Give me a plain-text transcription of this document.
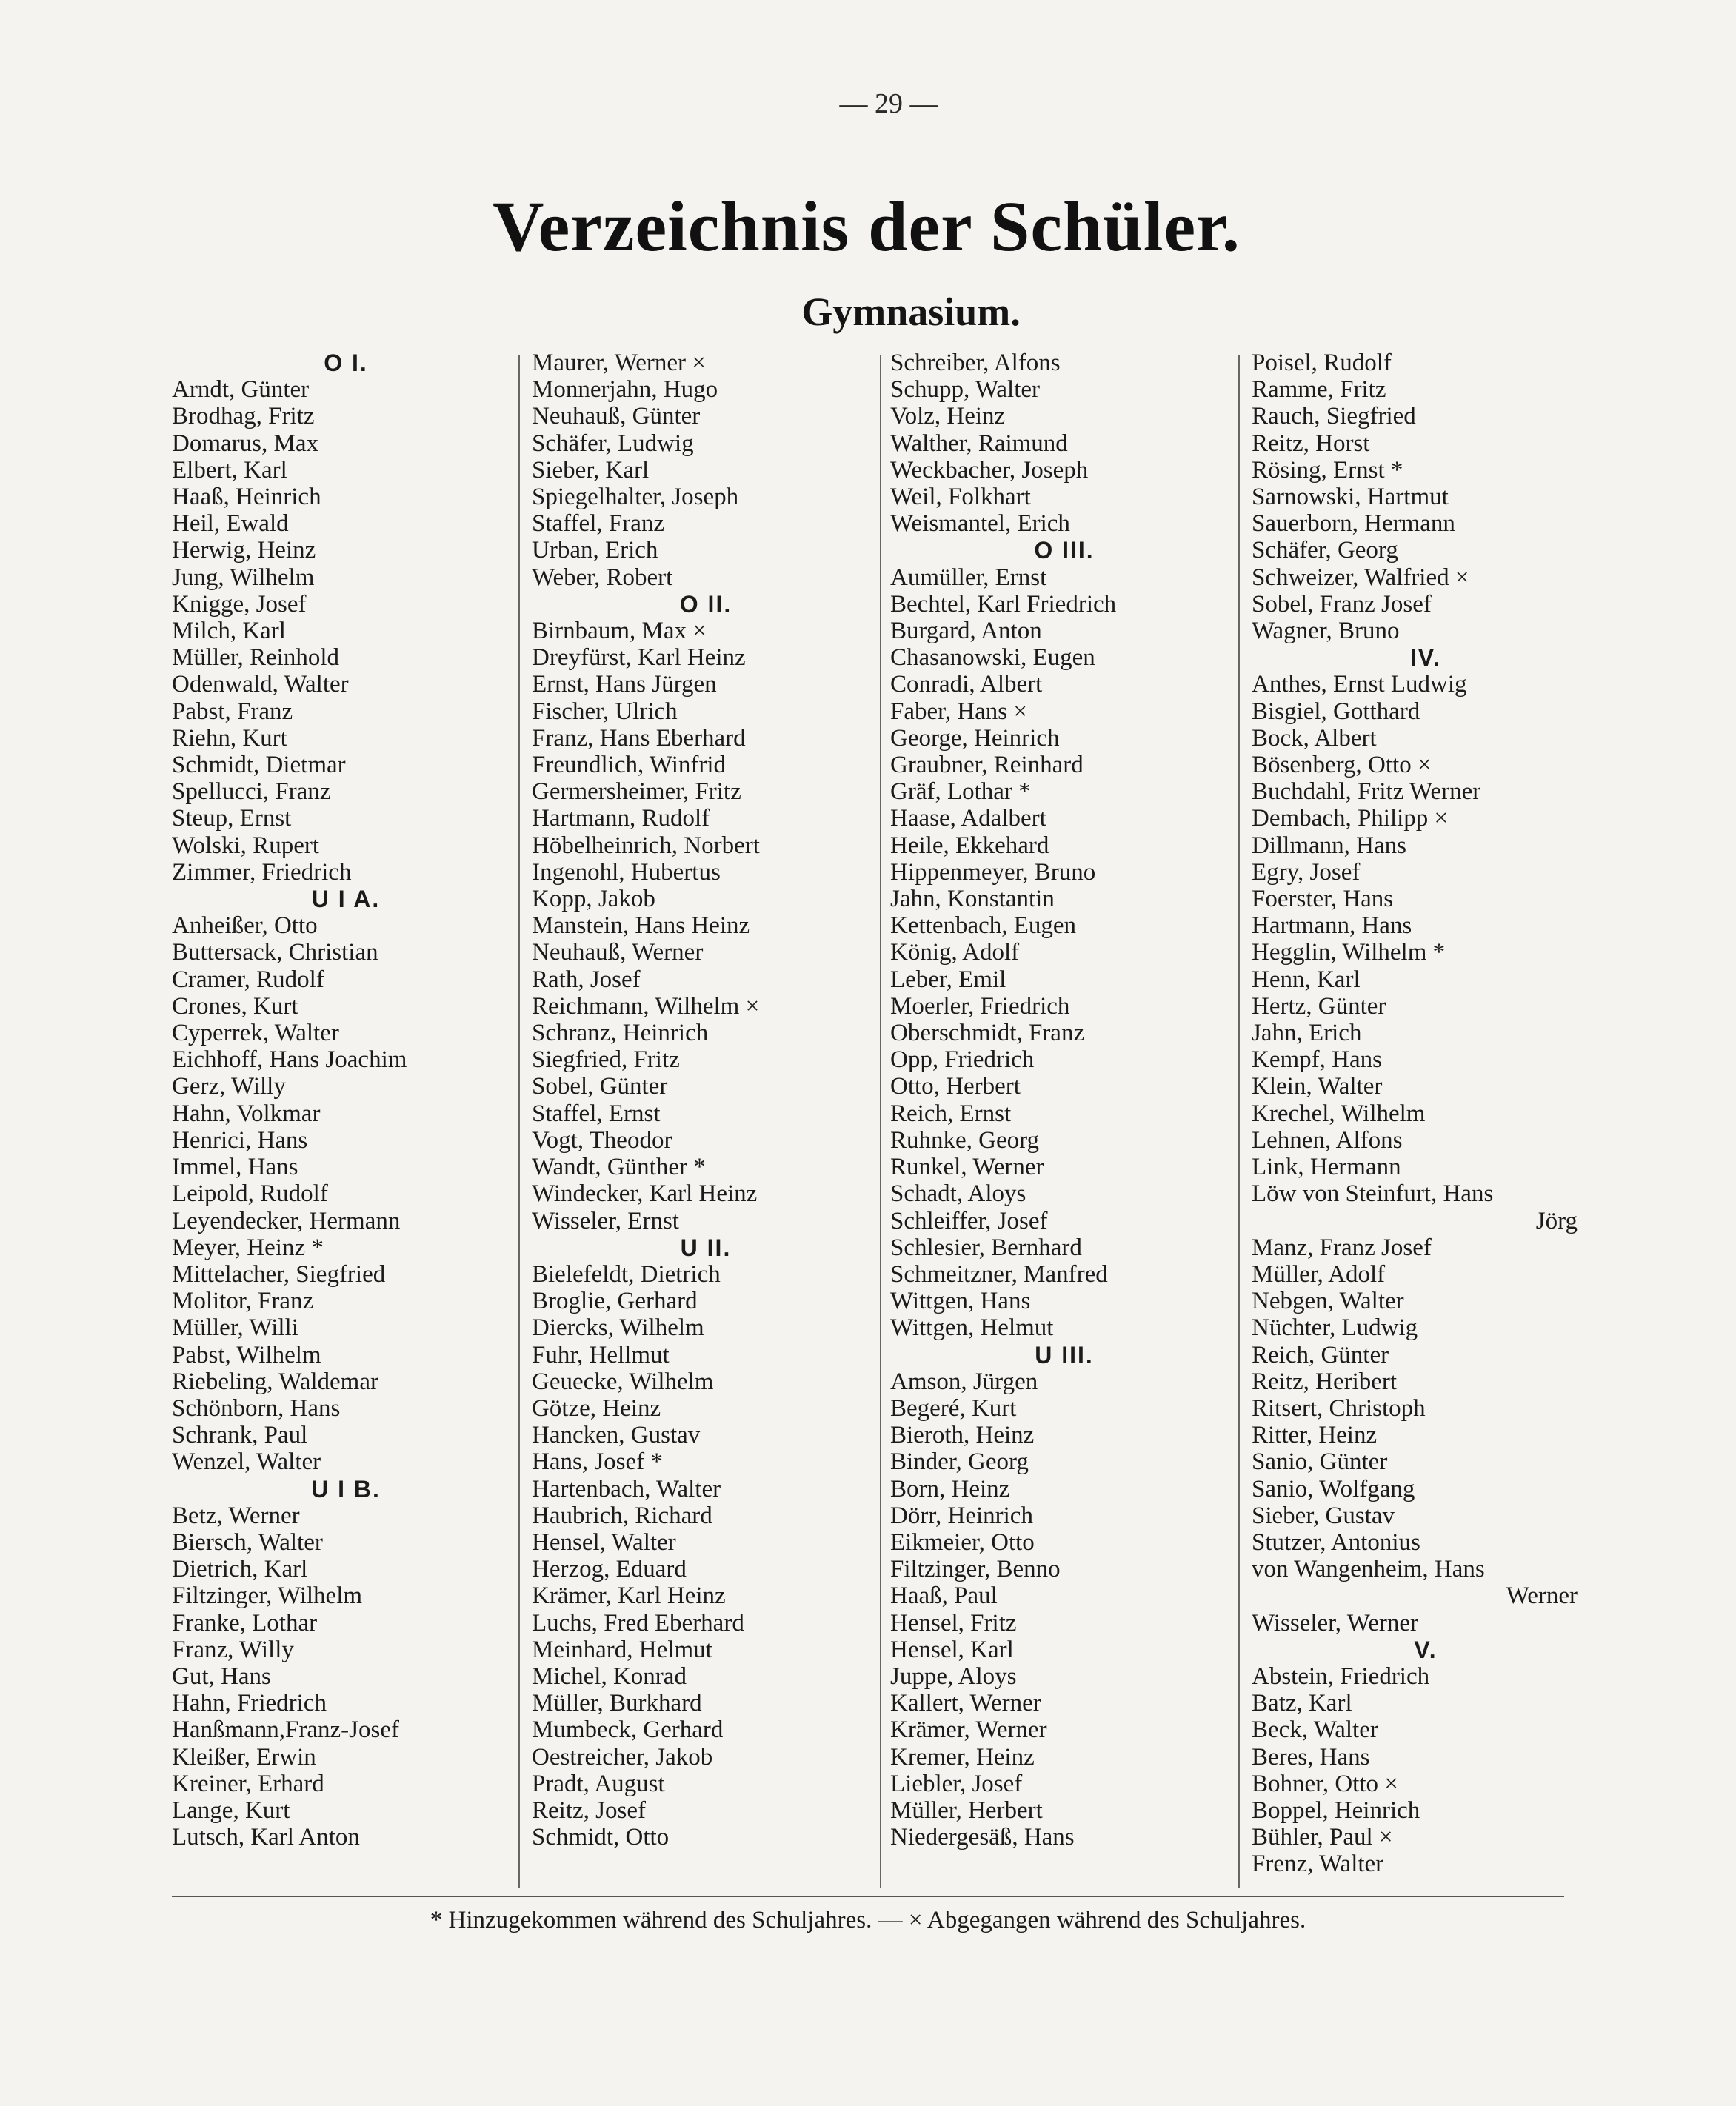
— 29 —
Verzeichnis der Schüler.
Gymnasium.
O I.
Arndt, Günter
Brodhag, Fritz
Domarus, Max
Elbert, Karl
Haaß, Heinrich
Heil, Ewald
Herwig, Heinz
Jung, Wilhelm
Knigge, Josef
Milch, Karl
Müller, Reinhold
Odenwald, Walter
Pabst, Franz
Riehn, Kurt
Schmidt, Dietmar
Spellucci, Franz
Steup, Ernst
Wolski, Rupert
Zimmer, Friedrich
U I A.
Anheißer, Otto
Buttersack, Christian
Cramer, Rudolf
Crones, Kurt
Cyperrek, Walter
Eichhoff, Hans Joachim
Gerz, Willy
Hahn, Volkmar
Henrici, Hans
Immel, Hans
Leipold, Rudolf
Leyendecker, Hermann
Meyer, Heinz *
Mittelacher, Siegfried
Molitor, Franz
Müller, Willi
Pabst, Wilhelm
Riebeling, Waldemar
Schönborn, Hans
Schrank, Paul
Wenzel, Walter
U I B.
Betz, Werner
Biersch, Walter
Dietrich, Karl
Filtzinger, Wilhelm
Franke, Lothar
Franz, Willy
Gut, Hans
Hahn, Friedrich
Hanßmann,Franz-Josef
Kleißer, Erwin
Kreiner, Erhard
Lange, Kurt
Lutsch, Karl Anton
Maurer, Werner ×
Monnerjahn, Hugo
Neuhauß, Günter
Schäfer, Ludwig
Sieber, Karl
Spiegelhalter, Joseph
Staffel, Franz
Urban, Erich
Weber, Robert
O II.
Birnbaum, Max ×
Dreyfürst, Karl Heinz
Ernst, Hans Jürgen
Fischer, Ulrich
Franz, Hans Eberhard
Freundlich, Winfrid
Germersheimer, Fritz
Hartmann, Rudolf
Höbelheinrich, Norbert
Ingenohl, Hubertus
Kopp, Jakob
Manstein, Hans Heinz
Neuhauß, Werner
Rath, Josef
Reichmann, Wilhelm ×
Schranz, Heinrich
Siegfried, Fritz
Sobel, Günter
Staffel, Ernst
Vogt, Theodor
Wandt, Günther *
Windecker, Karl Heinz
Wisseler, Ernst
U II.
Bielefeldt, Dietrich
Broglie, Gerhard
Diercks, Wilhelm
Fuhr, Hellmut
Geuecke, Wilhelm
Götze, Heinz
Hancken, Gustav
Hans, Josef *
Hartenbach, Walter
Haubrich, Richard
Hensel, Walter
Herzog, Eduard
Krämer, Karl Heinz
Luchs, Fred Eberhard
Meinhard, Helmut
Michel, Konrad
Müller, Burkhard
Mumbeck, Gerhard
Oestreicher, Jakob
Pradt, August
Reitz, Josef
Schmidt, Otto
Schreiber, Alfons
Schupp, Walter
Volz, Heinz
Walther, Raimund
Weckbacher, Joseph
Weil, Folkhart
Weismantel, Erich
O III.
Aumüller, Ernst
Bechtel, Karl Friedrich
Burgard, Anton
Chasanowski, Eugen
Conradi, Albert
Faber, Hans ×
George, Heinrich
Graubner, Reinhard
Gräf, Lothar *
Haase, Adalbert
Heile, Ekkehard
Hippenmeyer, Bruno
Jahn, Konstantin
Kettenbach, Eugen
König, Adolf
Leber, Emil
Moerler, Friedrich
Oberschmidt, Franz
Opp, Friedrich
Otto, Herbert
Reich, Ernst
Ruhnke, Georg
Runkel, Werner
Schadt, Aloys
Schleiffer, Josef
Schlesier, Bernhard
Schmeitzner, Manfred
Wittgen, Hans
Wittgen, Helmut
U III.
Amson, Jürgen
Begeré, Kurt
Bieroth, Heinz
Binder, Georg
Born, Heinz
Dörr, Heinrich
Eikmeier, Otto
Filtzinger, Benno
Haaß, Paul
Hensel, Fritz
Hensel, Karl
Juppe, Aloys
Kallert, Werner
Krämer, Werner
Kremer, Heinz
Liebler, Josef
Müller, Herbert
Niedergesäß, Hans
Poisel, Rudolf
Ramme, Fritz
Rauch, Siegfried
Reitz, Horst
Rösing, Ernst *
Sarnowski, Hartmut
Sauerborn, Hermann
Schäfer, Georg
Schweizer, Walfried ×
Sobel, Franz Josef
Wagner, Bruno
IV.
Anthes, Ernst Ludwig
Bisgiel, Gotthard
Bock, Albert
Bösenberg, Otto ×
Buchdahl, Fritz Werner
Dembach, Philipp ×
Dillmann, Hans
Egry, Josef
Foerster, Hans
Hartmann, Hans
Hegglin, Wilhelm *
Henn, Karl
Hertz, Günter
Jahn, Erich
Kempf, Hans
Klein, Walter
Krechel, Wilhelm
Lehnen, Alfons
Link, Hermann
Löw von Steinfurt, Hans
Jörg
Manz, Franz Josef
Müller, Adolf
Nebgen, Walter
Nüchter, Ludwig
Reich, Günter
Reitz, Heribert
Ritsert, Christoph
Ritter, Heinz
Sanio, Günter
Sanio, Wolfgang
Sieber, Gustav
Stutzer, Antonius
von Wangenheim, Hans
Werner
Wisseler, Werner
V.
Abstein, Friedrich
Batz, Karl
Beck, Walter
Beres, Hans
Bohner, Otto ×
Boppel, Heinrich
Bühler, Paul ×
Frenz, Walter
* Hinzugekommen während des Schuljahres. — × Abgegangen während des Schuljahres.
